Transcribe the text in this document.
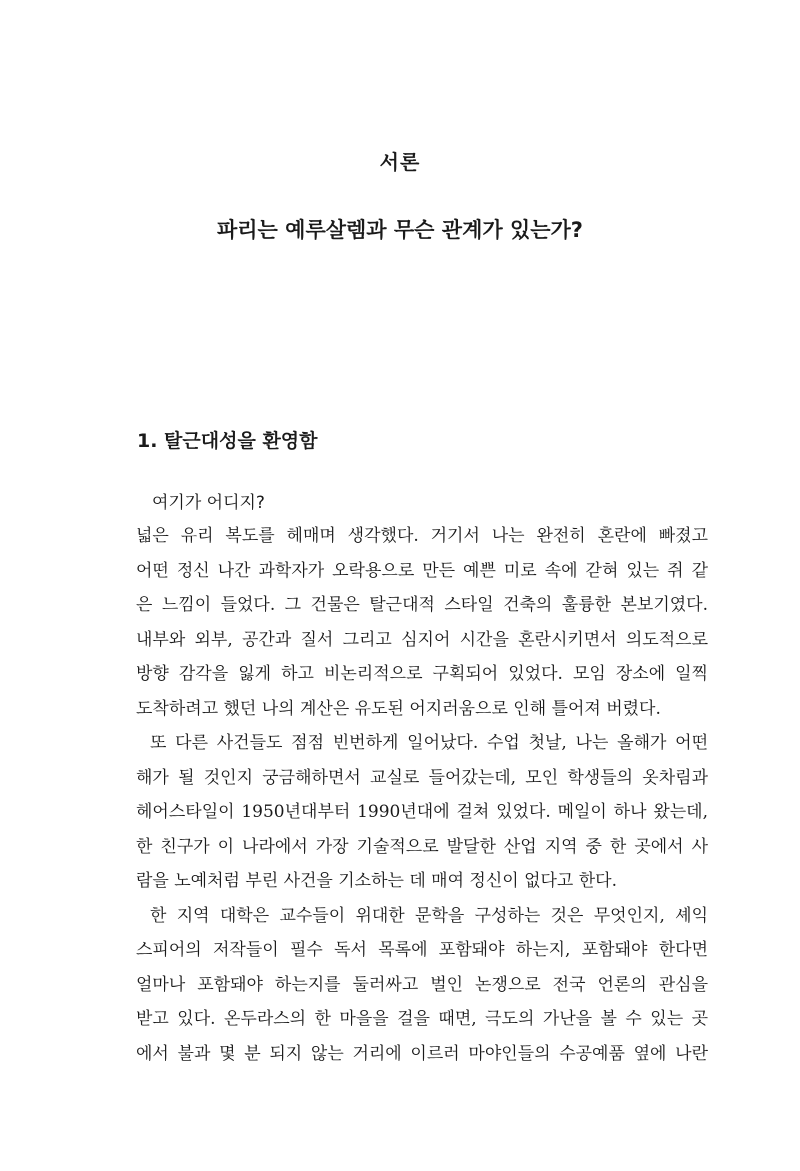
서론
파리는 예루살렘과 무슨 관계가 있는가?
1. 탈근대성을 환영함
여기가 어디지?
넓은 유리 복도를 헤매며 생각했다. 거기서 나는 완전히 혼란에 빠졌고
어떤 정신 나간 과학자가 오락용으로 만든 예쁜 미로 속에 갇혀 있는 쥐 같
은 느낌이 들었다. 그 건물은 탈근대적 스타일 건축의 훌륭한 본보기였다.
내부와 외부, 공간과 질서 그리고 심지어 시간을 혼란시키면서 의도적으로
방향 감각을 잃게 하고 비논리적으로 구획되어 있었다. 모임 장소에 일찍
도착하려고 했던 나의 계산은 유도된 어지러움으로 인해 틀어져 버렸다.
또 다른 사건들도 점점 빈번하게 일어났다. 수업 첫날, 나는 올해가 어떤
해가 될 것인지 궁금해하면서 교실로 들어갔는데, 모인 학생들의 옷차림과
헤어스타일이 1950년대부터 1990년대에 걸쳐 있었다. 메일이 하나 왔는데,
한 친구가 이 나라에서 가장 기술적으로 발달한 산업 지역 중 한 곳에서 사
람을 노예처럼 부린 사건을 기소하는 데 매여 정신이 없다고 한다.
한 지역 대학은 교수들이 위대한 문학을 구성하는 것은 무엇인지, 셰익
스피어의 저작들이 필수 독서 목록에 포함돼야 하는지, 포함돼야 한다면
얼마나 포함돼야 하는지를 둘러싸고 벌인 논쟁으로 전국 언론의 관심을
받고 있다. 온두라스의 한 마을을 걸을 때면, 극도의 가난을 볼 수 있는 곳
에서 불과 몇 분 되지 않는 거리에 이르러 마야인들의 수공예품 옆에 나란
